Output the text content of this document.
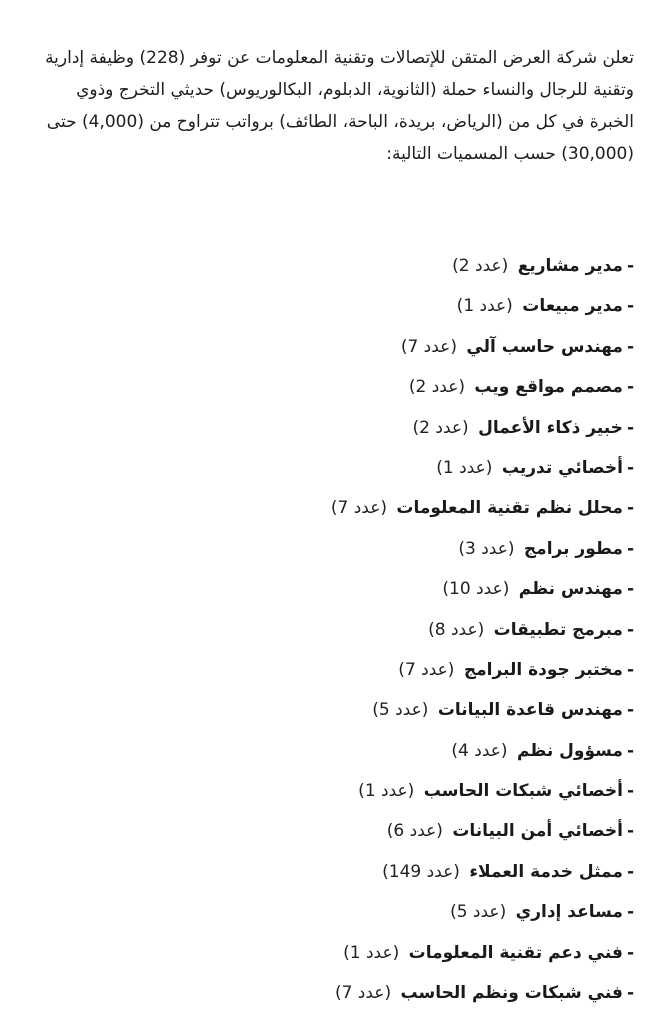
تعلن شركة العرض المتقن للإتصالات وتقنية المعلومات عن توفر (228) وظيفة إدارية وتقنية للرجال والنساء حملة (الثانوية، الدبلوم، البكالوريوس) حديثي التخرج وذوي الخبرة في كل من (الرياض، بريدة، الباحة، الطائف) برواتب تتراوح من (4,000) حتى (30,000) حسب المسميات التالية:

-مدير مشاريع (عدد 2)
-مدير مبيعات (عدد 1)
-مهندس حاسب آلي (عدد 7)
-مصمم مواقع ويب (عدد 2)
-خبير ذكاء الأعمال (عدد 2)
-أخصائي تدريب (عدد 1)
-محلل نظم تقنية المعلومات (عدد 7)
-مطور برامج (عدد 3)
-مهندس نظم (عدد 10)
-مبرمج تطبيقات (عدد 8)
-مختبر جودة البرامج (عدد 7)
-مهندس قاعدة البيانات (عدد 5)
-مسؤول نظم (عدد 4)
-أخصائي شبكات الحاسب (عدد 1)
-أخصائي أمن البيانات (عدد 6)
-ممثل خدمة العملاء (عدد 149)
-مساعد إداري (عدد 5)
-فني دعم تقنية المعلومات (عدد 1)
-فني شبكات ونظم الحاسب (عدد 7)
